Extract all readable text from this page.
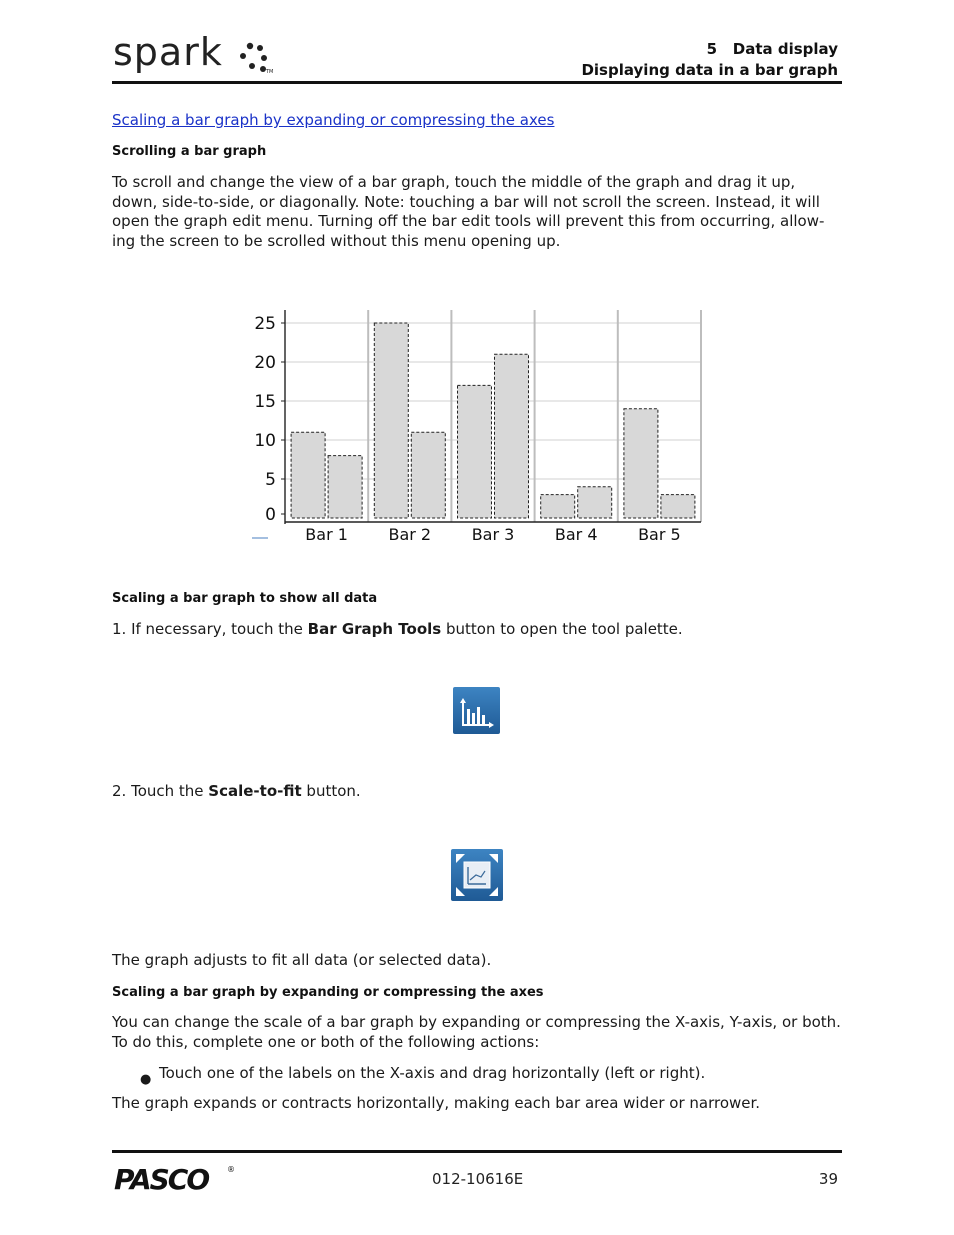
spark	TM
5   Data display
Displaying data in a bar graph
Scaling a bar graph by expanding or compressing the axes
Scrolling a bar graph
To scroll and change the view of a bar graph, touch the middle of the graph and drag it up, down, side-to-side, or diagonally. Note: touching a bar will not scroll the screen. Instead, it will open the graph edit menu. Turning off the bar edit tools will prevent this from occurring, allow-ing the screen to be scrolled without this menu opening up.
0
5
10
15
20
25
Bar 1	Bar 2	Bar 3	Bar 4	Bar 5
Scaling a bar graph to show all data
1. If necessary, touch the Bar Graph Tools button to open the tool palette.
2. Touch the Scale-to-fit button.
The graph adjusts to fit all data (or selected data).
Scaling a bar graph by expanding or compressing the axes
You can change the scale of a bar graph by expanding or compressing the X-axis, Y-axis, or both. To do this, complete one or both of the following actions:
● Touch one of the labels on the X-axis and drag horizontally (left or right).
The graph expands or contracts horizontally, making each bar area wider or narrower.
PASCO ®
012-10616E	39
